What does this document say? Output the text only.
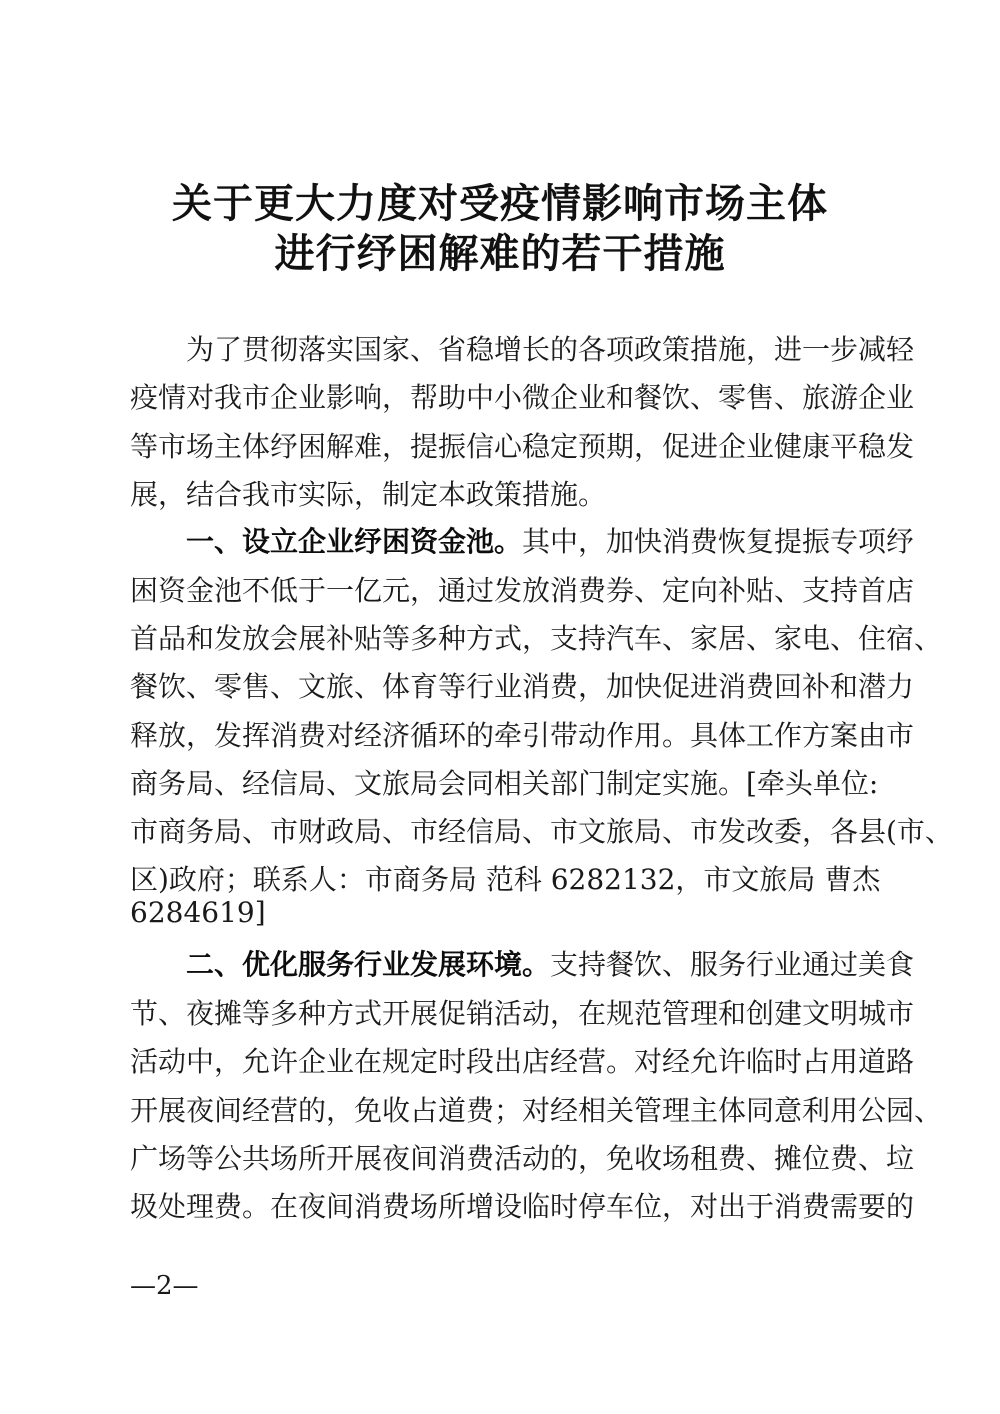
关于更大力度对受疫情影响市场主体
进行纾困解难的若干措施
为了贯彻落实国家、省稳增长的各项政策措施，进一步减轻
疫情对我市企业影响，帮助中小微企业和餐饮、零售、旅游企业
等市场主体纾困解难，提振信心稳定预期，促进企业健康平稳发
展，结合我市实际，制定本政策措施。
一、设立企业纾困资金池。其中，加快消费恢复提振专项纾
困资金池不低于一亿元，通过发放消费券、定向补贴、支持首店
首品和发放会展补贴等多种方式，支持汽车、家居、家电、住宿、
餐饮、零售、文旅、体育等行业消费，加快促进消费回补和潜力
释放，发挥消费对经济循环的牵引带动作用。具体工作方案由市
商务局、经信局、文旅局会同相关部门制定实施。[牵头单位:
市商务局、市财政局、市经信局、市文旅局、市发改委，各县(市、
区)政府；联系人：市商务局 范科 6282132，市文旅局 曹杰
6284619]
二、优化服务行业发展环境。支持餐饮、服务行业通过美食
节、夜摊等多种方式开展促销活动，在规范管理和创建文明城市
活动中，允许企业在规定时段出店经营。对经允许临时占用道路
开展夜间经营的，免收占道费；对经相关管理主体同意利用公园、
广场等公共场所开展夜间消费活动的，免收场租费、摊位费、垃
圾处理费。在夜间消费场所增设临时停车位，对出于消费需要的
—2—
